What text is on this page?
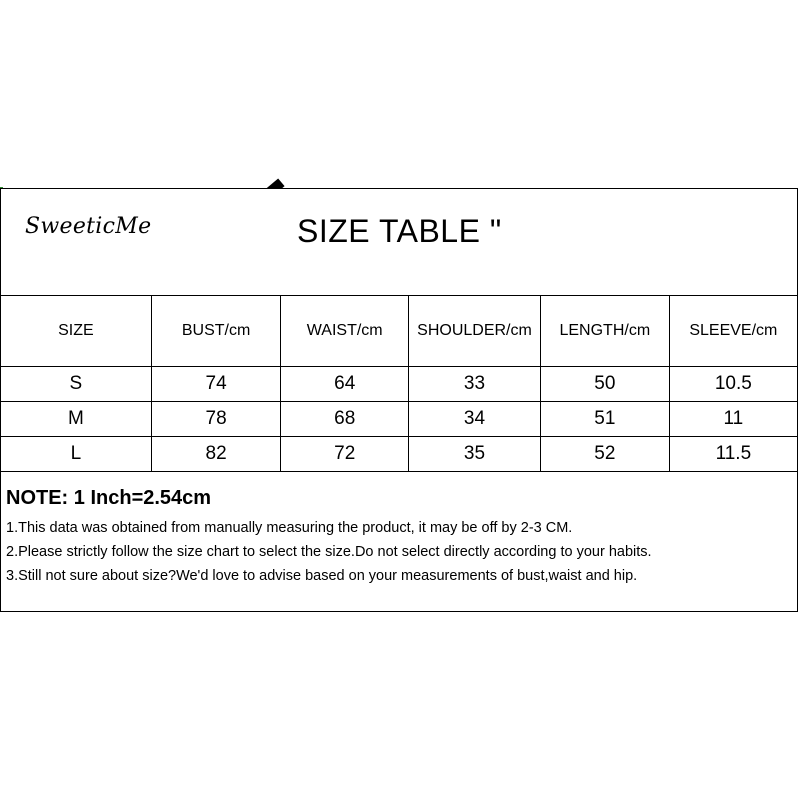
SweeticMe	SIZE TABLE "
SIZE	BUST/cm	WAIST/cm	SHOULDER/cm	LENGTH/cm	SLEEVE/cm
S	74	64	33	50	10.5
M	78	68	34	51	11
L	82	72	35	52	11.5
NOTE: 1 Inch=2.54cm
1.This data was obtained from manually measuring the product, it may be off by 2-3 CM.
2.Please strictly follow the size chart to select the size.Do not select directly according to your habits.
3.Still not sure about size?We'd love to advise based on your measurements of bust,waist and hip.
